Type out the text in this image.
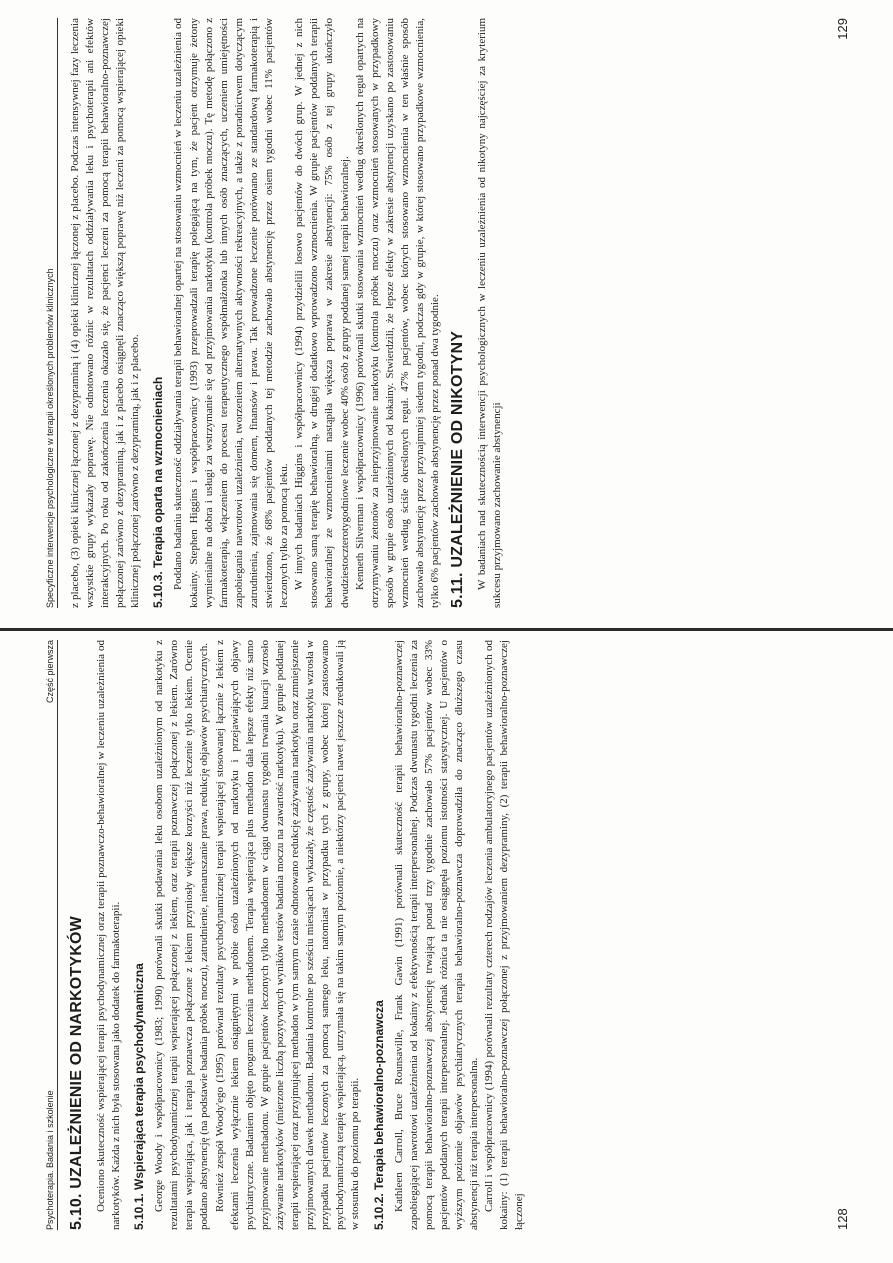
Specyficzne interwencje psychologiczne w terapii określonych problemów klinicznych z placebo, (3) opieki klinicznej łączonej z dezypraminą i (4) opieki klinicznej łączonej z placebo. Podczas intensywnej fazy leczenia wszystkie grupy wykazały poprawę. Nie odnotowano różnic w rezultatach oddziaływania leku i psychoterapii ani efektów interakcyjnych. Po roku od zakończenia leczenia okazało się, że pacjenci leczeni za pomocą terapii behawioralno-poznawczej połączonej zarówno z dezypraminą, jak i z placebo osiągnęli znacząco większą poprawę niż leczeni za pomocą wspierającej opieki klinicznej połączonej zarówno z dezypraminą, jak i z placebo. 5.10.3. Terapia oparta na wzmocnieniach Poddano badaniu skuteczność oddziaływania terapii behawioralnej opartej na stosowaniu wzmocnień w leczeniu uzależnienia od kokainy. Stephen Higgins i współpracownicy (1993) przeprowadzali terapię polegającą na tym, że pacjent otrzymuje żetony wymienialne na dobra i usługi za wstrzymanie się od przyjmowania narkotyku (kontrola próbek moczu). Tę metodę połączono z farmakoterapią, włączeniem do procesu terapeutycznego współmałżonka lub innych osób znaczących, uczeniem umiejętności zapobiegania nawrotowi uzależnienia, tworzeniem alternatywnych aktywności rekreacyjnych, a także z poradnictwem dotyczącym zatrudnienia, zajmowania się domem, finansów i prawa. Tak prowadzone leczenie porównano ze standardową farmakoterapią i stwierdzono, że 68% pacjentów poddanych tej metodzie zachowało abstynencję przez osiem tygodni wobec 11% pacjentów leczonych tylko za pomocą leku. W innych badaniach Higgins i współpracownicy (1994) przydzielili losowo pacjentów do dwóch grup. W jednej z nich stosowano samą terapię behawioralną, w drugiej dodatkowo wprowadzono wzmocnienia. W grupie pacjentów poddanych terapii behawioralnej ze wzmocnieniami nastąpiła większa poprawa w zakresie abstynencji: 75% osób z tej grupy ukończyło dwudziestoczterotygodniowe leczenie wobec 40% osób z grupy poddanej samej terapii behawioralnej. Kenneth Silverman i współpracownicy (1996) porównali skutki stosowania wzmocnień według określonych reguł opartych na otrzymywaniu żetonów za nieprzyjmowanie narkotyku (kontrola próbek moczu) oraz wzmocnień stosowanych w przypadkowy sposób w grupie osób uzależnionych od kokainy. Stwierdzili, że lepsze efekty w zakresie abstynencji uzyskano po zastosowaniu wzmocnień według ściśle określonych reguł. 47% pacjentów, wobec których stosowano wzmocnienia w ten właśnie sposób zachowało abstynencję przez przynajmniej siedem tygodni, podczas gdy w grupie, w której stosowano przypadkowe wzmocnienia, tylko 6% pacjentów zachowało abstynencję przez ponad dwa tygodnie. 5.11. UZALEŻNIENIE OD NIKOTYNY W badaniach nad skutecznością interwencji psychologicznych w leczeniu uzależnienia od nikotyny najczęściej za kryterium sukcesu przyjmowano zachowanie abstynencji

129
Psychoterapia. Badania i szkolenie
Część pierwsza
5.10. UZALEŻNIENIE OD NARKOTYKÓW Oceniono skuteczność wspierającej terapii psychodynamicznej oraz terapii poznawczo-behawioralnej w leczeniu uzależnienia od narkotyków. Każda z nich była stosowana jako dodatek do farmakoterapii. 5.10.1. Wspierająca terapia psychodynamiczna George Woody i współpracownicy (1983; 1990) porównali skutki podawania leku osobom uzależnionym od narkotyku z rezultatami psychodynamicznej terapii wspierającej połączonej z lekiem, oraz terapii poznawczej połączonej z lekiem. Zarówno terapia wspierająca, jak i terapia poznawcza połączone z lekiem przyniosły większe korzyści niż leczenie tylko lekiem. Ocenie poddano abstynencję (na podstawie badania próbek moczu), zatrudnienie, nienaruszanie prawa, redukcję objawów psychiatrycznych. Również zespół Woody'ego (1995) porównał rezultaty psychodynamicznej terapii wspierającej stosowanej łącznie z lekiem z efektami leczenia wyłącznie lekiem osiągniętymi w próbie osób uzależnionych od narkotyku i przejawiających objawy psychiatryczne. Badaniem objęto program leczenia methadonem. Terapia wspierająca plus methadon dała lepsze efekty niż samo przyjmowanie methadonu. W grupie pacjentów leczonych tylko methadonem w ciągu dwunastu tygodni trwania kuracji wzrosło zażywanie narkotyków (mierzone liczbą pozytywnych wyników testów badania moczu na zawartość narkotyku). W grupie poddanej terapii wspierającej oraz przyjmującej methadon w tym samym czasie odnotowano redukcję zażywania narkotyku oraz zmniejszenie przyjmowanych dawek methadonu. Badania kontrolne po sześciu miesiącach wykazały, że częstość zażywania narkotyku wzrosła w przypadku pacjentów leczonych za pomocą samego leku, natomiast w przypadku tych z grupy, wobec której zastosowano psychodynamiczną terapię wspierającą, utrzymała się na takim samym poziomie, a niektórzy pacjenci nawet jeszcze zredukowali ją w stosunku do poziomu po terapii. 5.10.2. Terapia behawioralno-poznawcza Kathleen Carroll, Bruce Rounsaville, Frank Gawin (1991) porównali skuteczność terapii behawioralno-poznawczej zapobiegającej nawrotowi uzależnienia od kokainy z efektywnością terapii interpersonalnej. Podczas dwunastu tygodni leczenia za pomocą terapii behawioralno-poznawczej abstynencję trwającą ponad trzy tygodnie zachowało 57% pacjentów wobec 33% pacjentów poddanych terapii interpersonalnej. Jednak różnica ta nie osiągnęła poziomu istotności statystycznej. U pacjentów o wyższym poziomie objawów psychiatrycznych terapia behawioralno-poznawcza doprowadziła do znacząco dłuższego czasu abstynencji niż terapia interpersonalna. Carroll i współpracownicy (1994) porównali rezultaty czterech rodzajów leczenia ambulatoryjnego pacjentów uzależnionych od kokainy: (1) terapii behawioralno-poznawczej połączonej z przyjmowaniem dezypraminy, (2) terapii behawioralno-poznawczej łączonej	128
